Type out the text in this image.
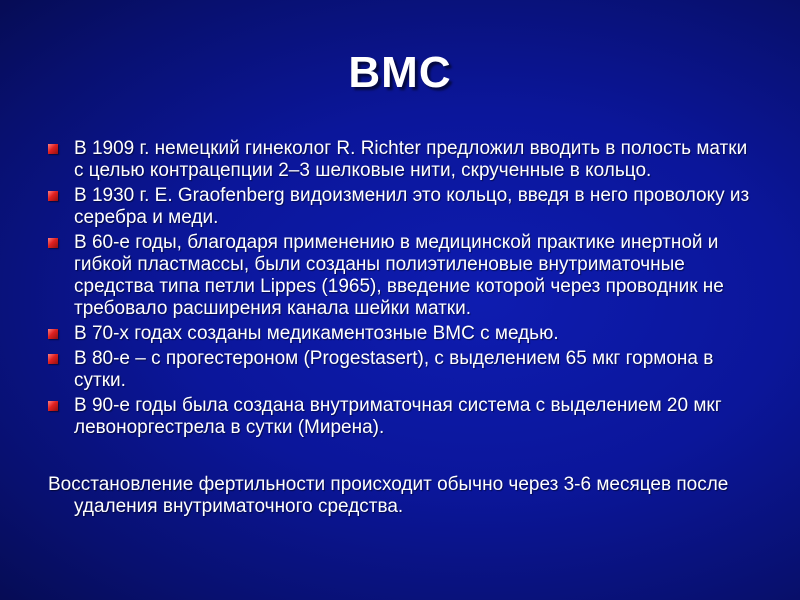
ВМС
В 1909 г. немецкий гинеколог R. Richter предложил вводить в полость матки с целью контрацепции 2–3 шелковые нити, скрученные в кольцо.
В 1930 г. E. Graofenberg видоизменил это кольцо, введя в него проволоку из серебра и меди.
В 60-е годы, благодаря применению в медицинской практике инертной и гибкой пластмассы, были созданы полиэтиленовые внутриматочные средства типа петли Lippes (1965), введение которой через проводник не требовало расширения канала шейки матки.
В 70-х годах созданы медикаментозные ВМС с медью.
В 80-е – с прогестероном (Progestasert), с выделением 65 мкг гормона в сутки.
В 90-е годы была создана внутриматочная система с выделением 20 мкг левоноргестрела в сутки (Мирена).
Восстановление фертильности происходит обычно через 3-6 месяцев после удаления внутриматочного средства.
